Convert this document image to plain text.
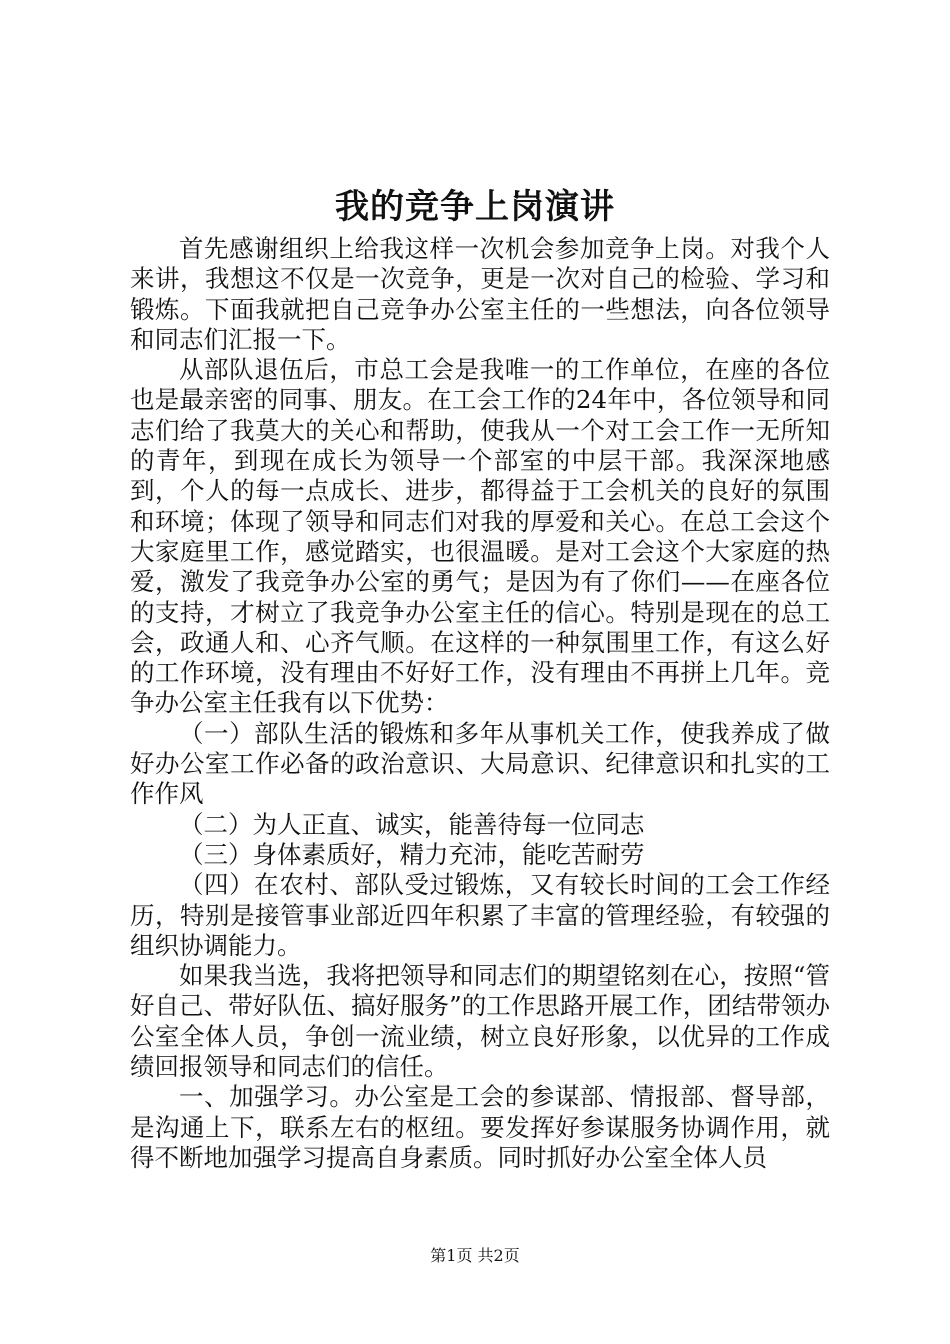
我的竞争上岗演讲

首先感谢组织上给我这样一次机会参加竞争上岗。对我个人来讲，我想这不仅是一次竞争，更是一次对自己的检验、学习和锻炼。下面我就把自己竞争办公室主任的一些想法，向各位领导和同志们汇报一下。

从部队退伍后，市总工会是我唯一的工作单位，在座的各位也是最亲密的同事、朋友。在工会工作的24年中，各位领导和同志们给了我莫大的关心和帮助，使我从一个对工会工作一无所知的青年，到现在成长为领导一个部室的中层干部。我深深地感到，个人的每一点成长、进步，都得益于工会机关的良好的氛围和环境；体现了领导和同志们对我的厚爱和关心。在总工会这个大家庭里工作，感觉踏实，也很温暖。是对工会这个大家庭的热爱，激发了我竞争办公室的勇气；是因为有了你们——在座各位的支持，才树立了我竞争办公室主任的信心。特别是现在的总工会，政通人和、心齐气顺。在这样的一种氛围里工作，有这么好的工作环境，没有理由不好好工作，没有理由不再拼上几年。竞争办公室主任我有以下优势：

（一）部队生活的锻炼和多年从事机关工作，使我养成了做好办公室工作必备的政治意识、大局意识、纪律意识和扎实的工作作风

（二）为人正直、诚实，能善待每一位同志

（三）身体素质好，精力充沛，能吃苦耐劳

（四）在农村、部队受过锻炼，又有较长时间的工会工作经历，特别是接管事业部近四年积累了丰富的管理经验，有较强的组织协调能力。

如果我当选，我将把领导和同志们的期望铭刻在心，按照“管好自己、带好队伍、搞好服务”的工作思路开展工作，团结带领办公室全体人员，争创一流业绩，树立良好形象，以优异的工作成绩回报领导和同志们的信任。

一、加强学习。办公室是工会的参谋部、情报部、督导部，是沟通上下，联系左右的枢纽。要发挥好参谋服务协调作用，就得不断地加强学习提高自身素质。同时抓好办公室全体人员

第1页 共2页
